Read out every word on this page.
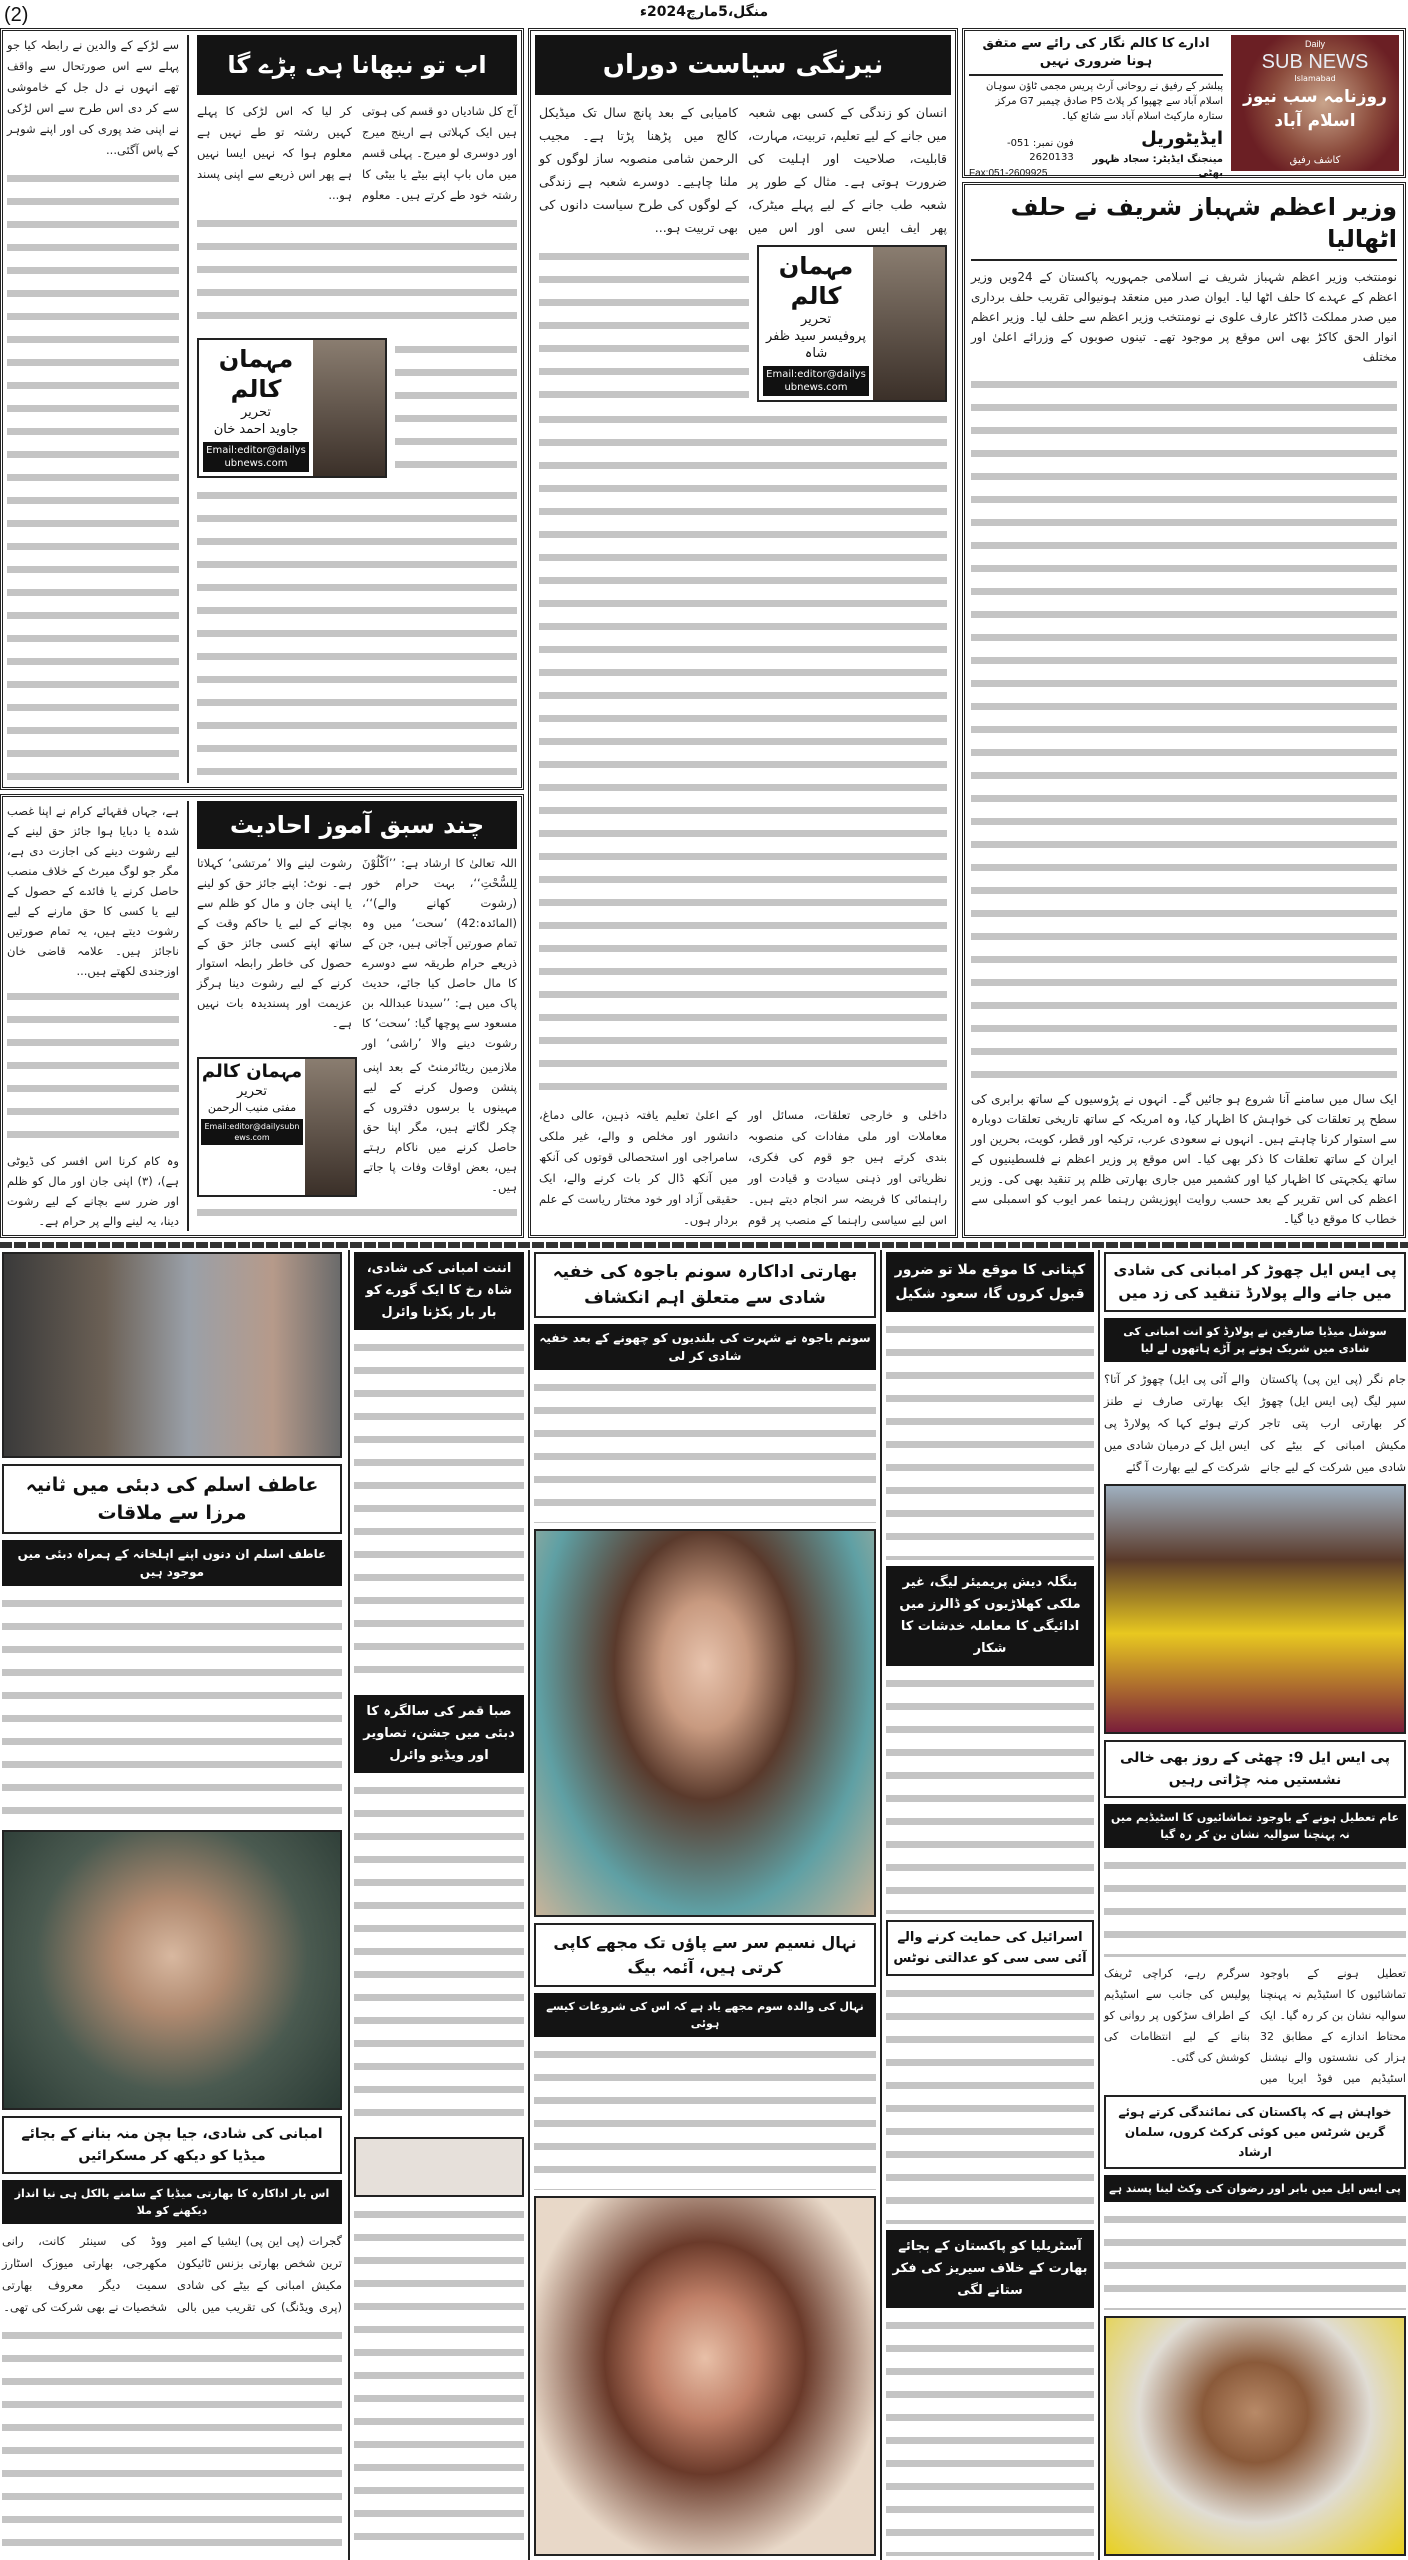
(2)	منگل،5مارچ2024ء
ادارے کا کالم نگار کی رائے سے متفق ہونا ضروری نہیں
پبلشر کے رفیق نے روحانی آرٹ پریس مجمی ٹاؤن سوہان اسلام آباد سے چھپوا کر پلاٹ P5 صادق چیمبر G7 مرکز ستارہ مارکیٹ اسلام آباد سے شائع کیا۔
فون نمبر: 051-2620133
Fax:051-2609925
ایڈیٹوریل
مینجنگ ایڈیٹر: سجاد ظہور بھٹی
Daily
SUB NEWS
Islamabad
روزنامہ سب نیوز اسلام آباد
کاشف رفیق
وزیر اعظم شہباز شریف نے حلف اٹھالیا
نومنتخب وزیر اعظم شہباز شریف نے اسلامی جمہوریہ پاکستان کے 24ویں وزیر اعظم کے عہدے کا حلف اٹھا لیا۔ ایوان صدر میں منعقد ہونیوالی تقریب حلف برداری میں صدر مملکت ڈاکٹر عارف علوی نے نومنتخب وزیر اعظم سے حلف لیا۔ وزیر اعظم انوار الحق کاکڑ بھی اس موقع پر موجود تھے۔ تینوں صوبوں کے وزرائے اعلیٰ اور مختلف
ایک سال میں سامنے آنا شروع ہو جائیں گے۔ انہوں نے پڑوسیوں کے ساتھ برابری کی سطح پر تعلقات کی خواہش کا اظہار کیا، وہ امریکہ کے ساتھ تاریخی تعلقات دوبارہ سے استوار کرنا چاہتے ہیں۔ انہوں نے سعودی عرب، ترکیہ اور قطر، کویت، بحرین اور ایران کے ساتھ تعلقات کا ذکر بھی کیا۔ اس موقع پر وزیر اعظم نے فلسطینیوں کے ساتھ یکجہتی کا اظہار کیا اور کشمیر میں جاری بھارتی ظلم پر تنقید بھی کی۔ وزیر اعظم کی اس تقریر کے بعد حسب روایت اپوزیشن رہنما عمر ایوب کو اسمبلی سے خطاب کا موقع دیا گیا۔
نیرنگی سیاست دوراں
انسان کو زندگی کے کسی بھی شعبہ میں جانے کے لیے تعلیم، تربیت، مہارت، قابلیت، صلاحیت اور اہلیت کی ضرورت ہوتی ہے۔ مثال کے طور پر شعبہ طب جانے کے لیے پہلے میٹرک، پھر ایف ایس سی اور اس میں کامیابی کے بعد پانچ سال تک میڈیکل کالج میں پڑھنا پڑتا ہے۔ مجیب الرحمن شامی منصوبہ ساز لوگوں کو ملنا چاہیے۔ دوسرے شعبہ ہے زندگی کے لوگوں کی طرح سیاست دانوں کی بھی تربیت ہو...
مہمان کالم
تحریر
پروفیسر سید ظفر شاہ
Email:editor@dailysubnews.com
داخلی و خارجی تعلقات، مسائل اور معاملات اور ملی مفادات کی منصوبہ بندی کرتے ہیں جو قوم کی فکری، نظریاتی اور ذہنی سیادت و قیادت اور راہنمائی کا فریضہ سر انجام دیتے ہیں۔ اس لیے سیاسی راہنما کے منصب پر قوم کے اعلیٰ تعلیم یافتہ ذہین، عالی دماغ، دانشور اور مخلص و والے، غیر ملکی سامراجی اور استحصالی قوتوں کی آنکھ میں آنکھ ڈال کر بات کرنے والے، ایک حقیقی آزاد اور خود مختار ریاست کے علم بردار ہوں۔
سے لڑکے کے والدین نے رابطہ کیا جو پہلے سے اس صورتحال سے واقف تھے انہوں نے دل جل کے خاموشی سے کر دی اس طرح سے اس لڑکی نے اپنی ضد پوری کی اور اپنے شوہر کے پاس آگئی...
اب تو نبھانا ہی پڑے گا
آج کل شادیاں دو قسم کی ہوتی ہیں ایک کہلاتی ہے ارینج میرج اور دوسری لو میرج۔ پہلی قسم میں ماں باپ اپنے بیٹے یا بیٹی کا رشتہ خود طے کرتے ہیں۔ معلوم کر لیا کہ اس لڑکی کا پہلے کہیں رشتہ تو طے نہیں ہے معلوم ہوا کہ نہیں ایسا نہیں ہے پھر اس ذریعے سے اپنی پسند ہو...
مہمان کالم
تحریر
جاوید احمد خان
Email:editor@dailysubnews.com
ہے، جہاں فقہائے کرام نے اپنا غصب شدہ یا دبایا ہوا جائز حق لینے کے لیے رشوت دینے کی اجازت دی ہے، مگر جو لوگ میرٹ کے خلاف منصب حاصل کرنے یا فائدے کے حصول کے لیے یا کسی کا حق مارنے کے لیے رشوت دیتے ہیں، یہ تمام صورتیں ناجائز ہیں۔ علامہ قاضی خان اوزجندی لکھتے ہیں...
وہ کام کرنا اس افسر کی ڈیوٹی ہے)، (۳) اپنی جان اور مال کو ظلم اور ضرر سے بچانے کے لیے رشوت دینا، یہ لینے والے پر حرام ہے۔
چند سبق آموز احادیث
اللہ تعالیٰ کا ارشاد ہے: ’’اَکّٰلُوْنَ لِلسُّحْتِ‘‘، بہت حرام خور (رشوت کھانے والے)‘‘، (المائدہ:42) ’سحت‘ میں وہ تمام صورتیں آجاتی ہیں، جن کے ذریعے حرام طریقہ سے دوسرے کا مال حاصل کیا جائے، حدیث پاک میں ہے: ’’سیدنا عبداللہ بن مسعود سے پوچھا گیا: ’سحت‘ کا رشوت دینے والا ’راشی‘ اور رشوت لینے والا ’مرتشی‘ کہلاتا ہے۔ نوٹ: اپنے جائز حق کو لینے یا اپنی جان و مال کو ظلم سے بچانے کے لیے یا حاکم وقت کے ساتھ اپنے کسی جائز حق کے حصول کی خاطر رابطہ استوار کرنے کے لیے رشوت دینا ہرگز عزیمت اور پسندیدہ بات نہیں ہے۔
مہمان کالم
تحریر
مفتی منیب الرحمن
Email:editor@dailysubnews.com
ملازمین ریٹائرمنٹ کے بعد اپنی پنشن وصول کرنے کے لیے مہینوں یا برسوں دفتروں کے چکر لگاتے ہیں، مگر اپنا حق حاصل کرنے میں ناکام رہتے ہیں، بعض اوقات وفات پا جاتے ہیں۔
عاطف اسلم کی دبئی میں ثانیہ مرزا سے ملاقات
عاطف اسلم ان دنوں اپنے اہلخانہ کے ہمراہ دبئی میں موجود ہیں
امبانی کی شادی، جیا بچن منہ بنانے کے بجائے میڈیا کو دیکھ کر مسکرائیں
اس بار اداکارہ کا بھارتی میڈیا کے سامنے بالکل ہی نیا انداز دیکھنے کو ملا
گجرات (پی این پی) ایشیا کے امیر ترین شخص بھارتی بزنس ٹائیکون مکیش امبانی کے بیٹے کی شادی (پری ویڈنگ) کی تقریب میں بالی ووڈ کی سینئر کانت، رانی مکھرجی، بھارتی میوزک اسٹارز سمیت دیگر معروف بھارتی شخصیات نے بھی شرکت کی تھی۔
اننت امبانی کی شادی، شاہ رخ کا ایک گورے کو بار بار پکڑنا وائرل
صبا قمر کی سالگرہ کا دبئی میں جشن، تصاویر اور ویڈیو وائرل
بھارتی اداکارہ سونم باجوہ کی خفیہ شادی سے متعلق اہم انکشاف
سونم باجوہ نے شہرت کی بلندیوں کو چھونے کے بعد خفیہ شادی کر لی
نہال نسیم سر سے پاؤں تک مجھے کاپی کرتی ہیں، آئمہ بیگ
نہال کی والدہ سوم مجھے یاد ہے کہ اس کی شروعات کیسے ہوئی
کپتانی کا موقع ملا تو ضرور قبول کروں گا، سعود شکیل
بنگلہ دیش پریمیئر لیگ، غیر ملکی کھلاڑیوں کو ڈالرز میں ادائیگی کا معاملہ خدشات کا شکار
اسرائیل کی حمایت کرنے والے آئی سی سی کو عدالتی نوٹس
آسٹریلیا کو پاکستان کے بجائے بھارت کے خلاف سیریز کی فکر ستانے لگی
پی ایس ایل چھوڑ کر امبانی کی شادی میں جانے والے پولارڈ تنقید کی زد میں
سوشل میڈیا صارفین نے پولارڈ کو انت امبانی کی شادی میں شریک ہونے پر آڑے ہاتھوں لے لیا
جام نگر (پی این پی) پاکستان سپر لیگ (پی ایس ایل) چھوڑ کر بھارتی ارب پتی تاجر مکیش امبانی کے بیٹے کی شادی میں شرکت کے لیے جانے والے آئی پی ایل) چھوڑ کر آتا؟ ایک بھارتی صارف نے طنز کرتے ہوئے کہا کہ پولارڈ پی ایس ایل کے درمیان شادی میں شرکت کے لیے بھارت آ گئے
پی ایس ایل 9: چھٹی کے روز بھی خالی نشستیں منہ چڑاتی رہیں
عام تعطیل ہونے کے باوجود تماشائیوں کا اسٹیڈیم میں نہ پہنچنا سوالیہ نشان بن کر رہ گیا
تعطیل ہونے کے باوجود تماشائیوں کا اسٹیڈیم نہ پہنچنا سوالیہ نشان بن کر رہ گیا۔ ایک محتاط اندازے کے مطابق 32 ہزار کی نشستوں والے نیشنل اسٹیڈیم میں فوڈ ایریا میں سرگرم رہے، کراچی ٹریفک پولیس کی جانب سے اسٹیڈیم کے اطراف سڑکوں پر روانی کو بنانے کے لیے انتظامات کی کوشش کی گئی۔
خواہش ہے کہ پاکستان کی نمائندگی کرتے ہوئے گرین شرٹس میں کوئی کرکٹ کروں، سلمان ارشاد
پی ایس ایل میں بابر اور رضوان کی وکٹ لینا پسند ہے
